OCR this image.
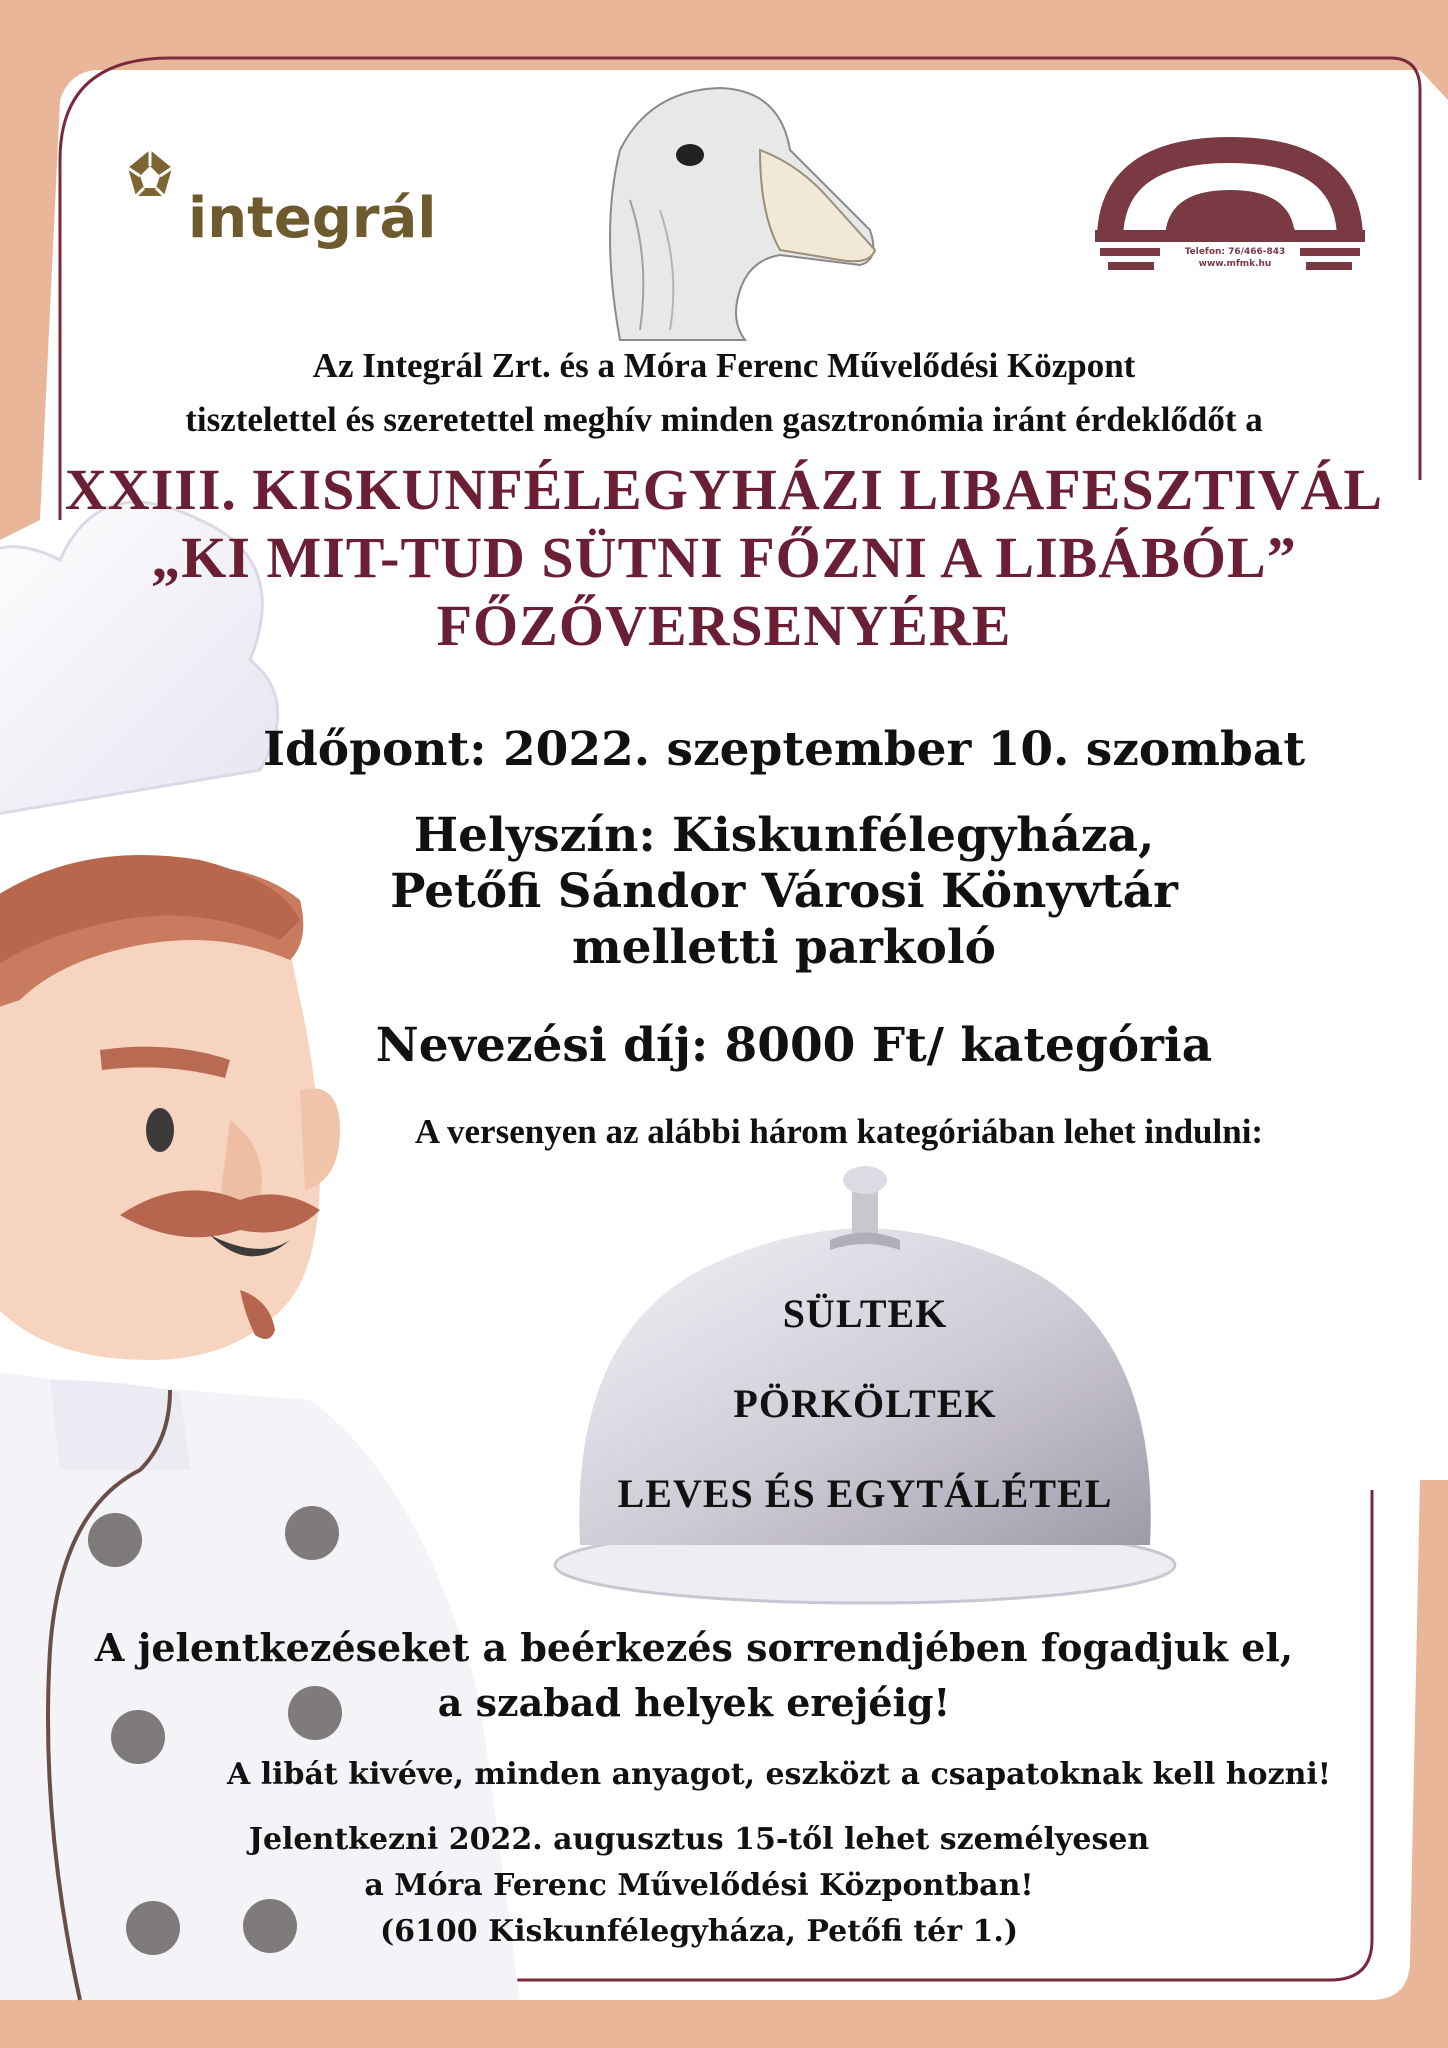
integrál	6100 Kiskunfélegyháza, Petőfi tér 1.
Telefon: 76/466-843
www.mfmk.hu
Az Integrál Zrt. és a Móra Ferenc Művelődési Központ
tisztelettel és szeretettel meghív minden gasztronómia iránt érdeklődőt a
XXIII. KISKUNFÉLEGYHÁZI LIBAFESZTIVÁL
„KI MIT-TUD SÜTNI FŐZNI A LIBÁBÓL”
FŐZŐVERSENYÉRE
Időpont: 2022. szeptember 10. szombat
Helyszín: Kiskunfélegyháza,
Petőfi Sándor Városi Könyvtár
melletti parkoló
Nevezési díj: 8000 Ft/ kategória
A versenyen az alábbi három kategóriában lehet indulni:
SÜLTEK
PÖRKÖLTEK
LEVES ÉS EGYTÁLÉTEL
A jelentkezéseket a beérkezés sorrendjében fogadjuk el,
a szabad helyek erejéig!
A libát kivéve, minden anyagot, eszközt a csapatoknak kell hozni!
Jelentkezni 2022. augusztus 15-től lehet személyesen
a Móra Ferenc Művelődési Központban!
(6100 Kiskunfélegyháza, Petőfi tér 1.)
